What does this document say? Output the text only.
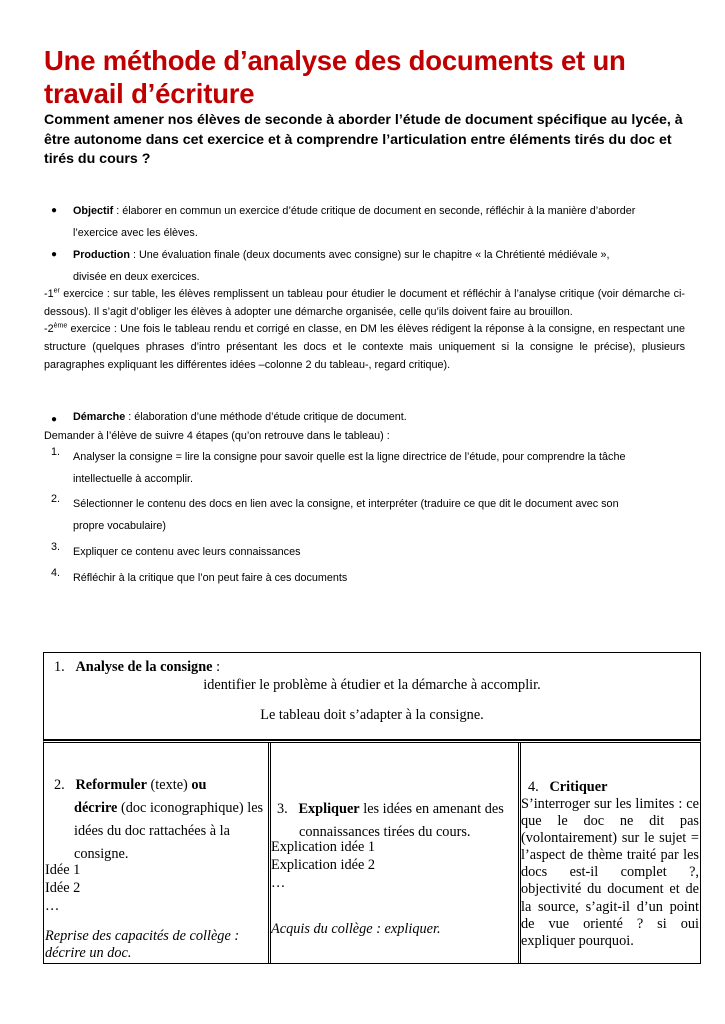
Une méthode d’analyse des documents et un travail d’écriture

Comment amener nos élèves de seconde à aborder l’étude de document spécifique au lycée, à être autonome dans cet exercice et à comprendre l’articulation entre éléments tirés du doc et tirés du cours ?

●	Objectif : élaborer en commun un exercice d’étude critique de document en seconde, réfléchir à la manière d’aborder
l’exercice avec les élèves.
●	Production : Une évaluation finale (deux documents avec consigne) sur le chapitre « la Chrétienté médiévale »,
divisée en deux exercices.
-1er exercice : sur table, les élèves remplissent un tableau pour étudier le document et réfléchir à l’analyse critique (voir démarche ci-dessous). Il s’agit d’obliger les élèves à adopter une démarche organisée, celle qu’ils doivent faire au brouillon.
-2ème exercice : Une fois le tableau rendu et corrigé en classe, en DM les élèves rédigent la réponse à la consigne, en respectant une structure (quelques phrases d’intro présentant les docs et le contexte mais uniquement si la consigne le précise), plusieurs paragraphes expliquant les différentes idées –colonne 2 du tableau-, regard critique).
●	Démarche : élaboration d’une méthode d’étude critique de document.
Demander à l’élève de suivre 4 étapes (qu’on retrouve dans le tableau) :
1.	Analyser la consigne = lire la consigne pour savoir quelle est la ligne directrice de l’étude, pour comprendre la tâche
intellectuelle à accomplir.
2.	Sélectionner le contenu des docs en lien avec la consigne, et interpréter (traduire ce que dit le document avec son
propre vocabulaire)
3.	Expliquer ce contenu avec leurs connaissances
4.	Réfléchir à la critique que l’on peut faire à ces documents
1. Analyse de la consigne :
identifier le problème à étudier et la démarche à accomplir.
Le tableau doit s’adapter à la consigne.
2. Reformuler (texte) ou
décrire (doc iconographique) les
idées du doc rattachées à la
consigne.
Idée 1
Idée 2
…
Reprise des capacités de collège :
décrire un doc.
3. Expliquer les idées en amenant des
connaissances tirées du cours.
Explication idée 1
Explication idée 2
…
Acquis du collège : expliquer.
4. Critiquer
S’interroger sur les limites : ce
que le doc ne dit pas
(volontairement) sur le sujet =
l’aspect de thème traité par les
docs est-il complet ?,
objectivité du document et de
la source, s’agit-il d’un point
de vue orienté ? si oui
expliquer pourquoi.
